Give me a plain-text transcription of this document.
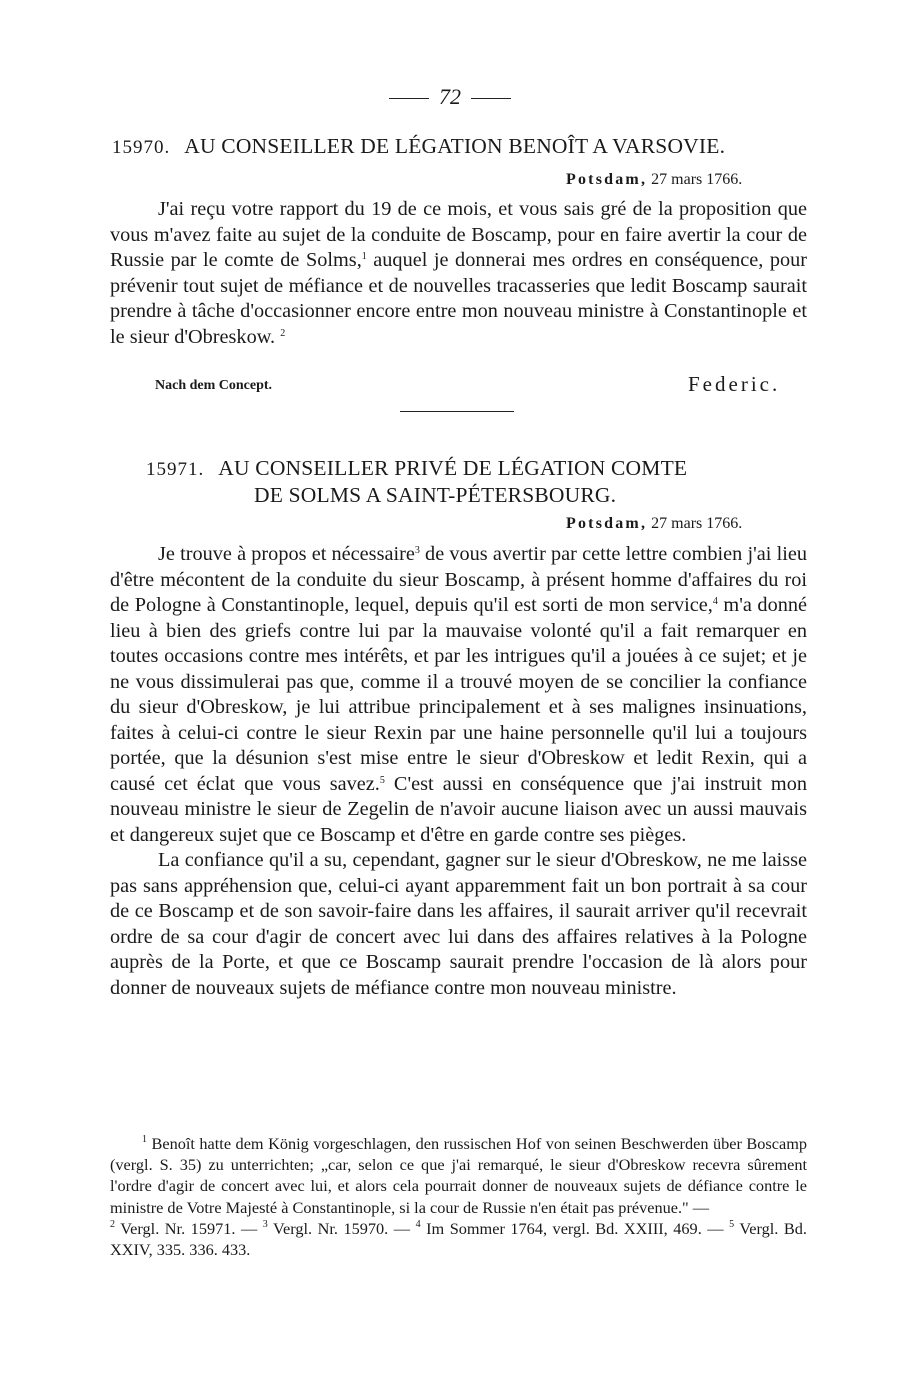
72
15970. AU CONSEILLER DE LÉGATION BENOÎT A VARSOVIE.
Potsdam, 27 mars 1766.

J'ai reçu votre rapport du 19 de ce mois, et vous sais gré de la proposition que vous m'avez faite au sujet de la conduite de Boscamp, pour en faire avertir la cour de Russie par le comte de Solms,$^1$ auquel je donnerai mes ordres en conséquence, pour prévenir tout sujet de méfiance et de nouvelles tracasseries que ledit Boscamp saurait prendre à tâche d'occasionner encore entre mon nouveau ministre à Constantinople et le sieur d'Obreskow. $^2$

Nach dem Concept.	Federic.
15971. AU CONSEILLER PRIVÉ DE LÉGATION COMTE
DE SOLMS A SAINT-PÉTERSBOURG.
Potsdam, 27 mars 1766.

Je trouve à propos et nécessaire$^3$ de vous avertir par cette lettre combien j'ai lieu d'être mécontent de la conduite du sieur Boscamp, à présent homme d'affaires du roi de Pologne à Constantinople, lequel, depuis qu'il est sorti de mon service,$^4$ m'a donné lieu à bien des griefs contre lui par la mauvaise volonté qu'il a fait remarquer en toutes occasions contre mes intérêts, et par les intrigues qu'il a jouées à ce sujet; et je ne vous dissimulerai pas que, comme il a trouvé moyen de se concilier la confiance du sieur d'Obreskow, je lui attribue principalement et à ses malignes insinuations, faites à celui-ci contre le sieur Rexin par une haine personnelle qu'il lui a toujours portée, que la désunion s'est mise entre le sieur d'Obreskow et ledit Rexin, qui a causé cet éclat que vous savez.$^5$ C'est aussi en conséquence que j'ai instruit mon nouveau ministre le sieur de Zegelin de n'avoir aucune liaison avec un aussi mauvais et dangereux sujet que ce Boscamp et d'être en garde contre ses pièges.

La confiance qu'il a su, cependant, gagner sur le sieur d'Obreskow, ne me laisse pas sans appréhension que, celui-ci ayant apparemment fait un bon portrait à sa cour de ce Boscamp et de son savoir-faire dans les affaires, il saurait arriver qu'il recevrait ordre de sa cour d'agir de concert avec lui dans des affaires relatives à la Pologne auprès de la Porte, et que ce Boscamp saurait prendre l'occasion de là alors pour donner de nouveaux sujets de méfiance contre mon nouveau ministre.

$^1$ Benoît hatte dem König vorgeschlagen, den russischen Hof von seinen Beschwerden über Boscamp (vergl. S. 35) zu unterrichten; „car, selon ce que j'ai remarqué, le sieur d'Obreskow recevra sûrement l'ordre d'agir de concert avec lui, et alors cela pourrait donner de nouveaux sujets de défiance contre le ministre de Votre Majesté à Constantinople, si la cour de Russie n'en était pas prévenue." —
$^2$ Vergl. Nr. 15971. — $^3$ Vergl. Nr. 15970. — $^4$ Im Sommer 1764, vergl. Bd. XXIII, 469. — $^5$ Vergl. Bd. XXIV, 335. 336. 433.
